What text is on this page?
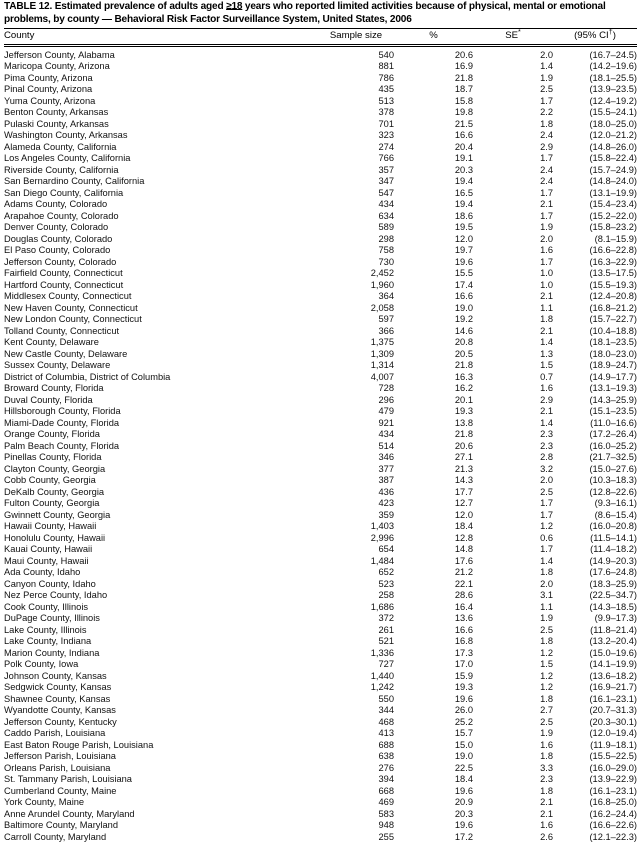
TABLE 12. Estimated prevalence of adults aged ≥18 years who reported limited activities because of physical, mental or emotional problems, by county — Behavioral Risk Factor Surveillance System, United States, 2006
County	Sample size	%	SE*	(95% CI†)
Jefferson County, Alabama	540	20.6	2.0	(16.7–24.5)
Maricopa County, Arizona	881	16.9	1.4	(14.2–19.6)
Pima County, Arizona	786	21.8	1.9	(18.1–25.5)
Pinal County, Arizona	435	18.7	2.5	(13.9–23.5)
Yuma County, Arizona	513	15.8	1.7	(12.4–19.2)
Benton County, Arkansas	378	19.8	2.2	(15.5–24.1)
Pulaski County, Arkansas	701	21.5	1.8	(18.0–25.0)
Washington County, Arkansas	323	16.6	2.4	(12.0–21.2)
Alameda County, California	274	20.4	2.9	(14.8–26.0)
Los Angeles County, California	766	19.1	1.7	(15.8–22.4)
Riverside County, California	357	20.3	2.4	(15.7–24.9)
San Bernardino County, California	347	19.4	2.4	(14.8–24.0)
San Diego County, California	547	16.5	1.7	(13.1–19.9)
Adams County, Colorado	434	19.4	2.1	(15.4–23.4)
Arapahoe County, Colorado	634	18.6	1.7	(15.2–22.0)
Denver County, Colorado	589	19.5	1.9	(15.8–23.2)
Douglas County, Colorado	298	12.0	2.0	(8.1–15.9)
El Paso County, Colorado	758	19.7	1.6	(16.6–22.8)
Jefferson County, Colorado	730	19.6	1.7	(16.3–22.9)
Fairfield County, Connecticut	2,452	15.5	1.0	(13.5–17.5)
Hartford County, Connecticut	1,960	17.4	1.0	(15.5–19.3)
Middlesex County, Connecticut	364	16.6	2.1	(12.4–20.8)
New Haven County, Connecticut	2,058	19.0	1.1	(16.8–21.2)
New London County, Connecticut	597	19.2	1.8	(15.7–22.7)
Tolland County, Connecticut	366	14.6	2.1	(10.4–18.8)
Kent County, Delaware	1,375	20.8	1.4	(18.1–23.5)
New Castle County, Delaware	1,309	20.5	1.3	(18.0–23.0)
Sussex County, Delaware	1,314	21.8	1.5	(18.9–24.7)
District of Columbia, District of Columbia	4,007	16.3	0.7	(14.9–17.7)
Broward County, Florida	728	16.2	1.6	(13.1–19.3)
Duval County, Florida	296	20.1	2.9	(14.3–25.9)
Hillsborough County, Florida	479	19.3	2.1	(15.1–23.5)
Miami-Dade County, Florida	921	13.8	1.4	(11.0–16.6)
Orange County, Florida	434	21.8	2.3	(17.2–26.4)
Palm Beach County, Florida	514	20.6	2.3	(16.0–25.2)
Pinellas County, Florida	346	27.1	2.8	(21.7–32.5)
Clayton County, Georgia	377	21.3	3.2	(15.0–27.6)
Cobb County, Georgia	387	14.3	2.0	(10.3–18.3)
DeKalb County, Georgia	436	17.7	2.5	(12.8–22.6)
Fulton County, Georgia	423	12.7	1.7	(9.3–16.1)
Gwinnett County, Georgia	359	12.0	1.7	(8.6–15.4)
Hawaii County, Hawaii	1,403	18.4	1.2	(16.0–20.8)
Honolulu County, Hawaii	2,996	12.8	0.6	(11.5–14.1)
Kauai County, Hawaii	654	14.8	1.7	(11.4–18.2)
Maui County, Hawaii	1,484	17.6	1.4	(14.9–20.3)
Ada County, Idaho	652	21.2	1.8	(17.6–24.8)
Canyon County, Idaho	523	22.1	2.0	(18.3–25.9)
Nez Perce County, Idaho	258	28.6	3.1	(22.5–34.7)
Cook County, Illinois	1,686	16.4	1.1	(14.3–18.5)
DuPage County, Illinois	372	13.6	1.9	(9.9–17.3)
Lake County, Illinois	261	16.6	2.5	(11.8–21.4)
Lake County, Indiana	521	16.8	1.8	(13.2–20.4)
Marion County, Indiana	1,336	17.3	1.2	(15.0–19.6)
Polk County, Iowa	727	17.0	1.5	(14.1–19.9)
Johnson County, Kansas	1,440	15.9	1.2	(13.6–18.2)
Sedgwick County, Kansas	1,242	19.3	1.2	(16.9–21.7)
Shawnee County, Kansas	550	19.6	1.8	(16.1–23.1)
Wyandotte County, Kansas	344	26.0	2.7	(20.7–31.3)
Jefferson County, Kentucky	468	25.2	2.5	(20.3–30.1)
Caddo Parish, Louisiana	413	15.7	1.9	(12.0–19.4)
East Baton Rouge Parish, Louisiana	688	15.0	1.6	(11.9–18.1)
Jefferson Parish, Louisiana	638	19.0	1.8	(15.5–22.5)
Orleans Parish, Louisiana	276	22.5	3.3	(16.0–29.0)
St. Tammany Parish, Louisiana	394	18.4	2.3	(13.9–22.9)
Cumberland County, Maine	668	19.6	1.8	(16.1–23.1)
York County, Maine	469	20.9	2.1	(16.8–25.0)
Anne Arundel County, Maryland	583	20.3	2.1	(16.2–24.4)
Baltimore County, Maryland	948	19.6	1.6	(16.6–22.6)
Carroll County, Maryland	255	17.2	2.6	(12.1–22.3)
